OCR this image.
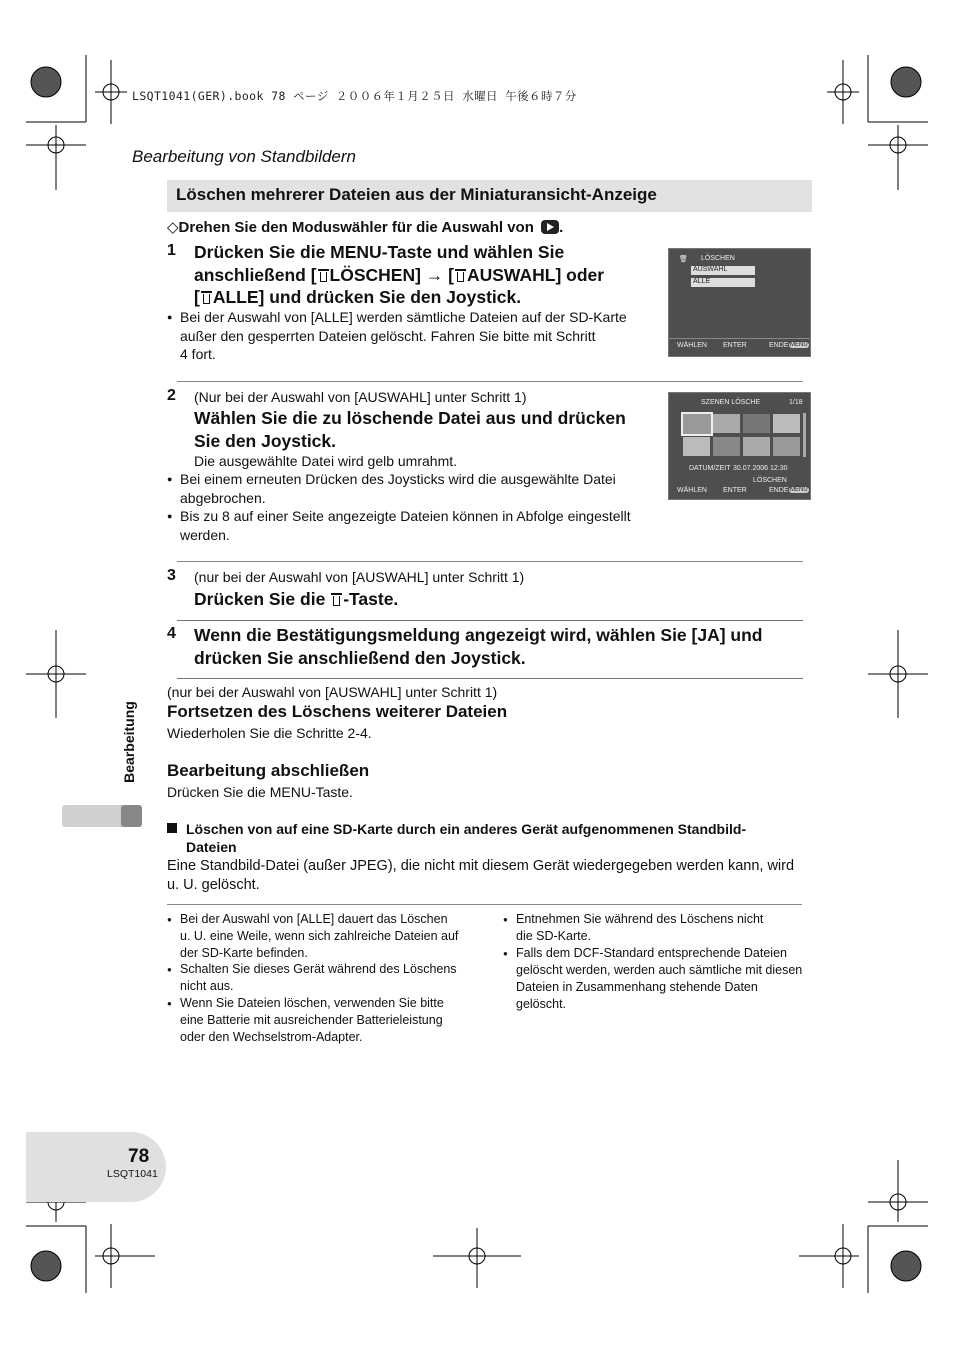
LSQT1041(GER).book 78 ページ ２００６年１月２５日 水曜日 午後６時７分
Bearbeitung von Standbildern
Löschen mehrerer Dateien aus der Miniaturansicht-Anzeige
◇Drehen Sie den Moduswähler für die Auswahl von .
1 Drücken Sie die MENU-Taste und wählen Sie
anschließend [ LÖSCHEN] → [ AUSWAHL] oder
[ ALLE] und drücken Sie den Joystick.
● Bei der Auswahl von [ALLE] werden sämtliche Dateien auf der SD-Karte
außer den gesperrten Dateien gelöscht. Fahren Sie bitte mit Schritt
4 fort.
🗑 LÖSCHEN
AUSWAHL
ALLE
WÄHLEN ENTER	ENDE MENU
2 (Nur bei der Auswahl von [AUSWAHL] unter Schritt 1)
Wählen Sie die zu löschende Datei aus und drücken
Sie den Joystick.
Die ausgewählte Datei wird gelb umrahmt.
● Bei einem erneuten Drücken des Joysticks wird die ausgewählte Datei
abgebrochen.
● Bis zu 8 auf einer Seite angezeigte Dateien können in Abfolge eingestellt
werden.
SZENEN LÖSCHE	1/18
DATUM/ZEIT 30.07.2006 12:30
LÖSCHEN
WÄHLEN ENTER	ENDE MENU
3 (nur bei der Auswahl von [AUSWAHL] unter Schritt 1)
Drücken Sie die -Taste.
4 Wenn die Bestätigungsmeldung angezeigt wird, wählen Sie [JA] und
drücken Sie anschließend den Joystick.
(nur bei der Auswahl von [AUSWAHL] unter Schritt 1)
Fortsetzen des Löschens weiterer Dateien
Wiederholen Sie die Schritte 2-4.
Bearbeitung abschließen
Drücken Sie die MENU-Taste.
Bearbeitung
Löschen von auf eine SD-Karte durch ein anderes Gerät aufgenommenen Standbild-
Dateien
Eine Standbild-Datei (außer JPEG), die nicht mit diesem Gerät wiedergegeben werden kann, wird
u. U. gelöscht.
● Bei der Auswahl von [ALLE] dauert das Löschen
u. U. eine Weile, wenn sich zahlreiche Dateien auf
der SD-Karte befinden.
● Schalten Sie dieses Gerät während des Löschens
nicht aus.
● Wenn Sie Dateien löschen, verwenden Sie bitte
eine Batterie mit ausreichender Batterieleistung
oder den Wechselstrom-Adapter.
● Entnehmen Sie während des Löschens nicht
die SD-Karte.
● Falls dem DCF-Standard entsprechende Dateien
gelöscht werden, werden auch sämtliche mit diesen
Dateien in Zusammenhang stehende Daten
gelöscht.
78
LSQT1041
